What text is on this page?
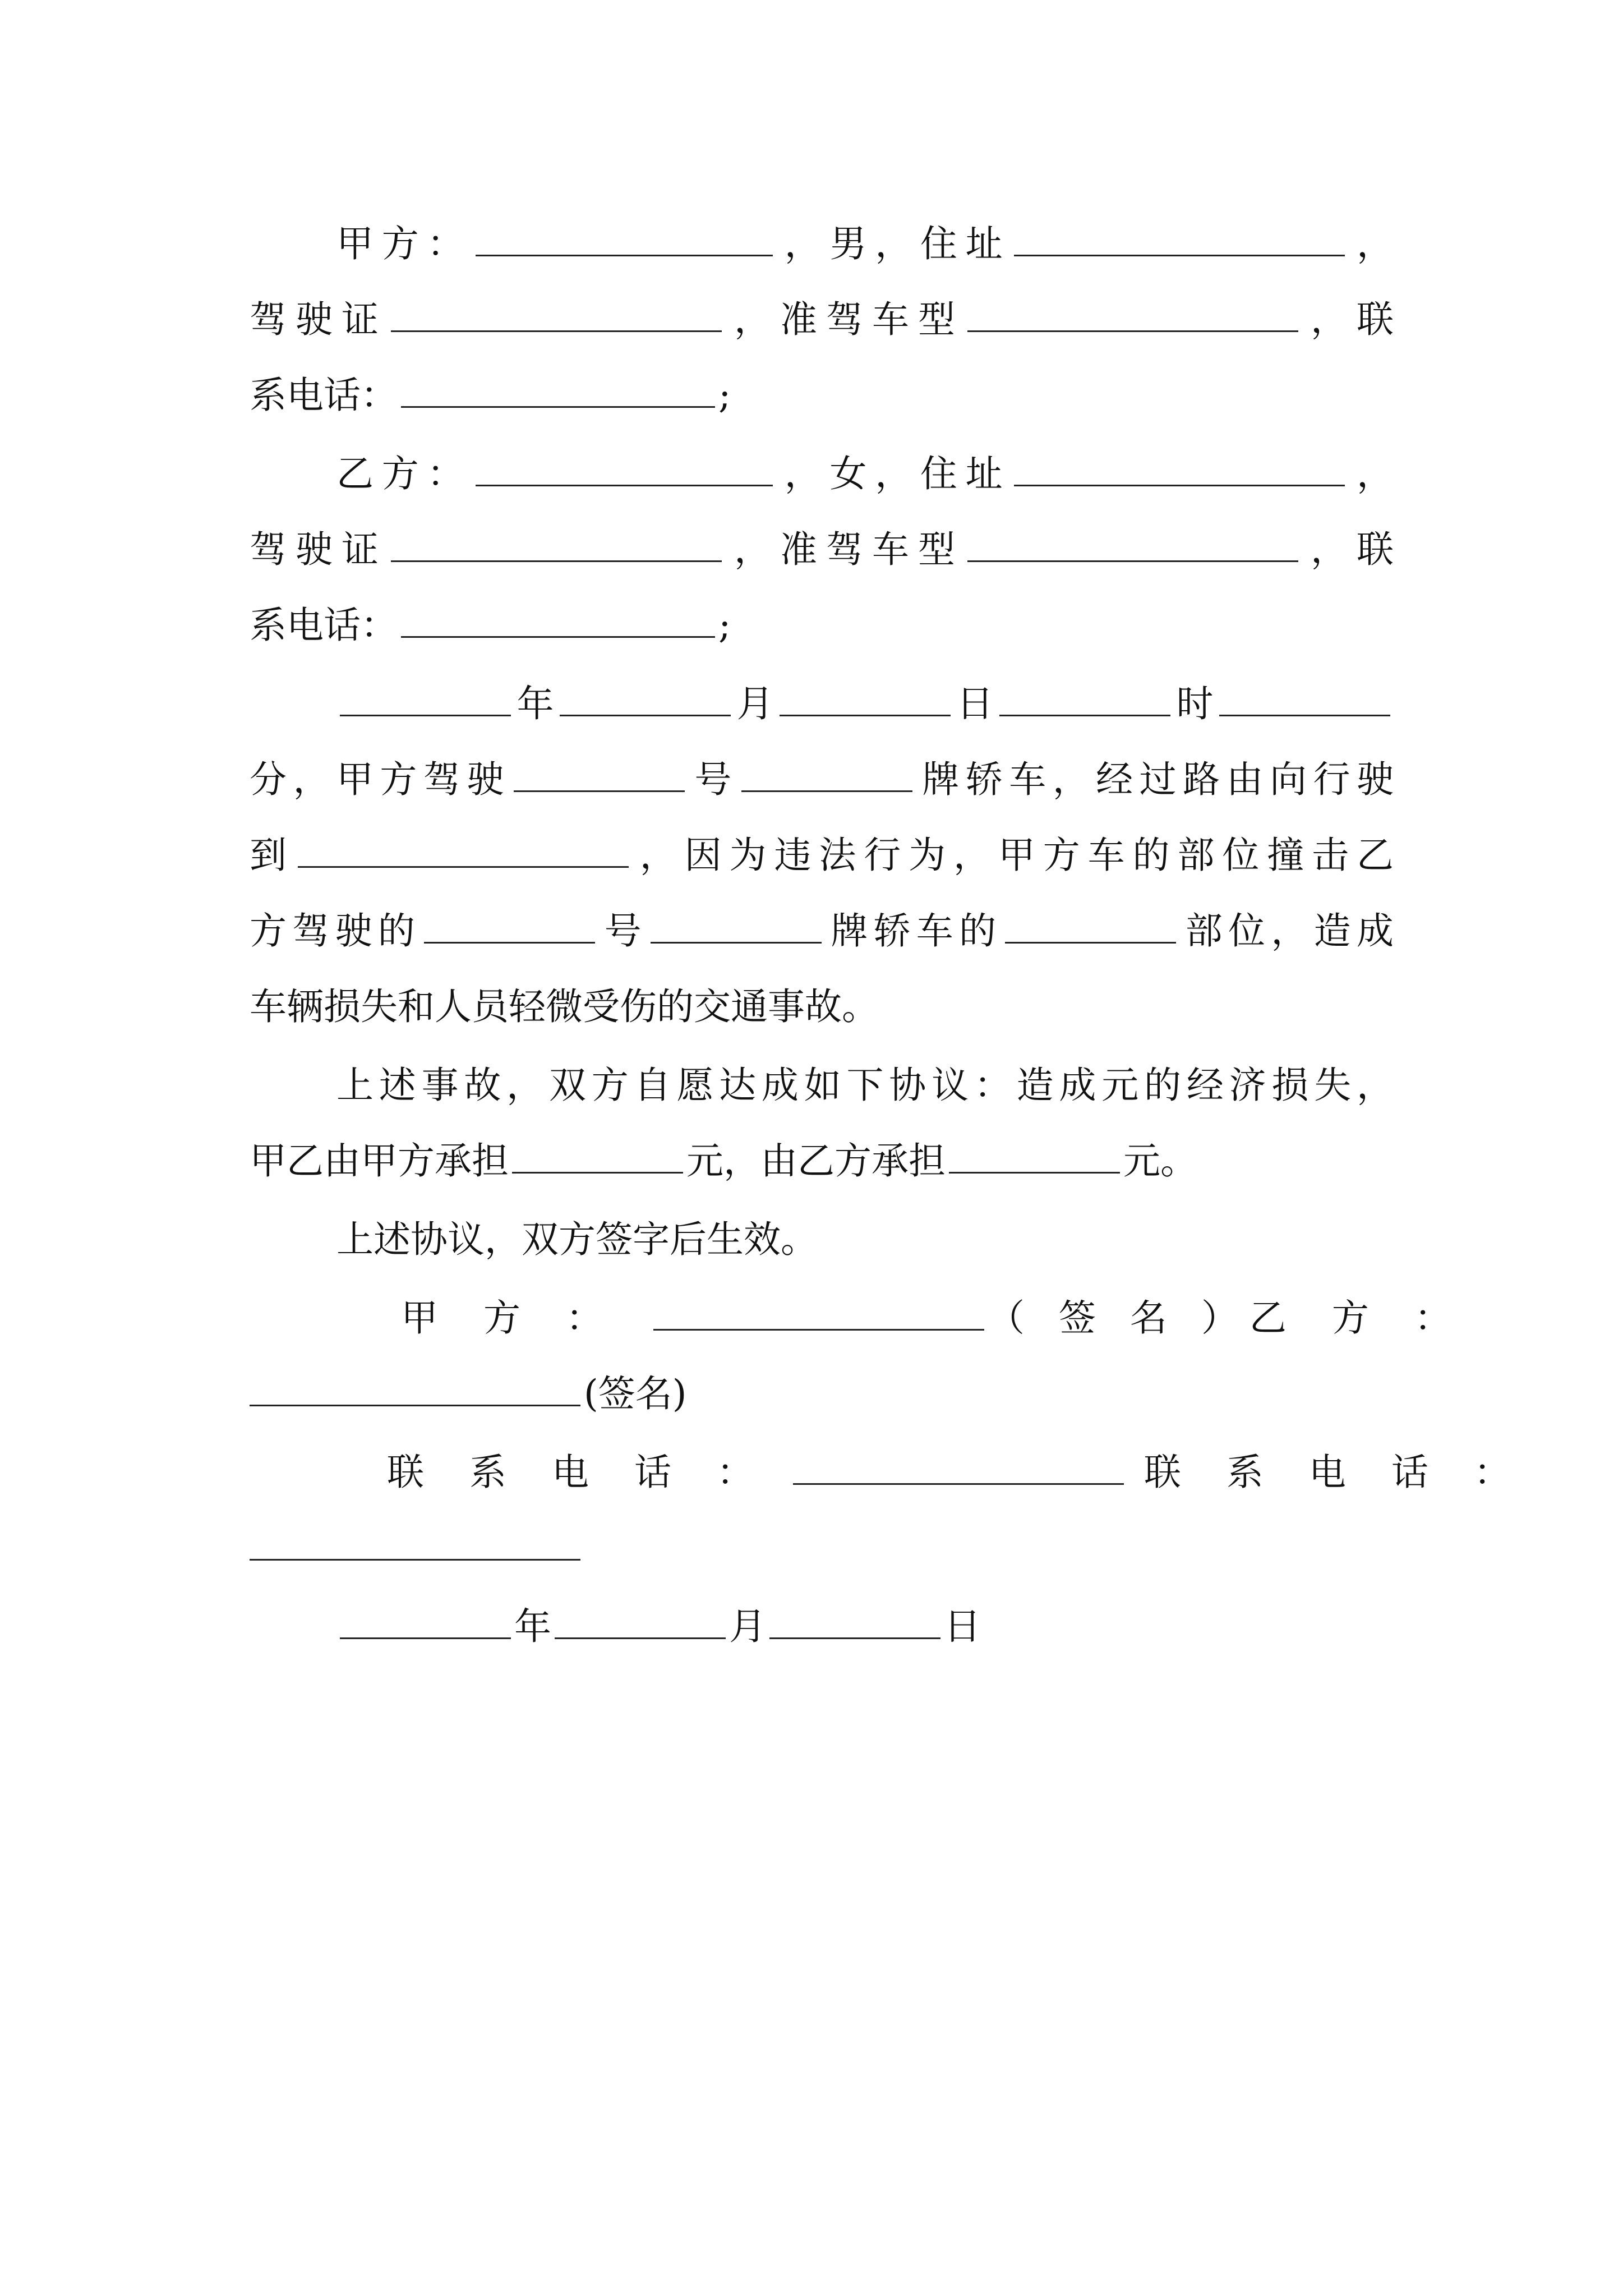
甲方：	，男，住址	，
驾驶证	，准驾车型	，联
系电话：	;
乙方：	，女，住址	，
驾驶证	，准驾车型	，联
系电话：	;
年	月	日	时
分，甲方驾驶	号	牌轿车，经过路由向行驶
到	，因为违法行为，甲方车的部位撞击乙
方驾驶的	号	牌轿车的	部位，造成
车辆损失和人员轻微受伤的交通事故。
上述事故，双方自愿达成如下协议：造成元的经济损失，
甲乙由甲方承担	元，由乙方承担	元。
上述协议，双方签字后生效。
甲 方 ：	（ 签 名 ）乙 方 ：
(签名)
联 系 电 话 ：	联 系 电 话 ：
年	月	日
